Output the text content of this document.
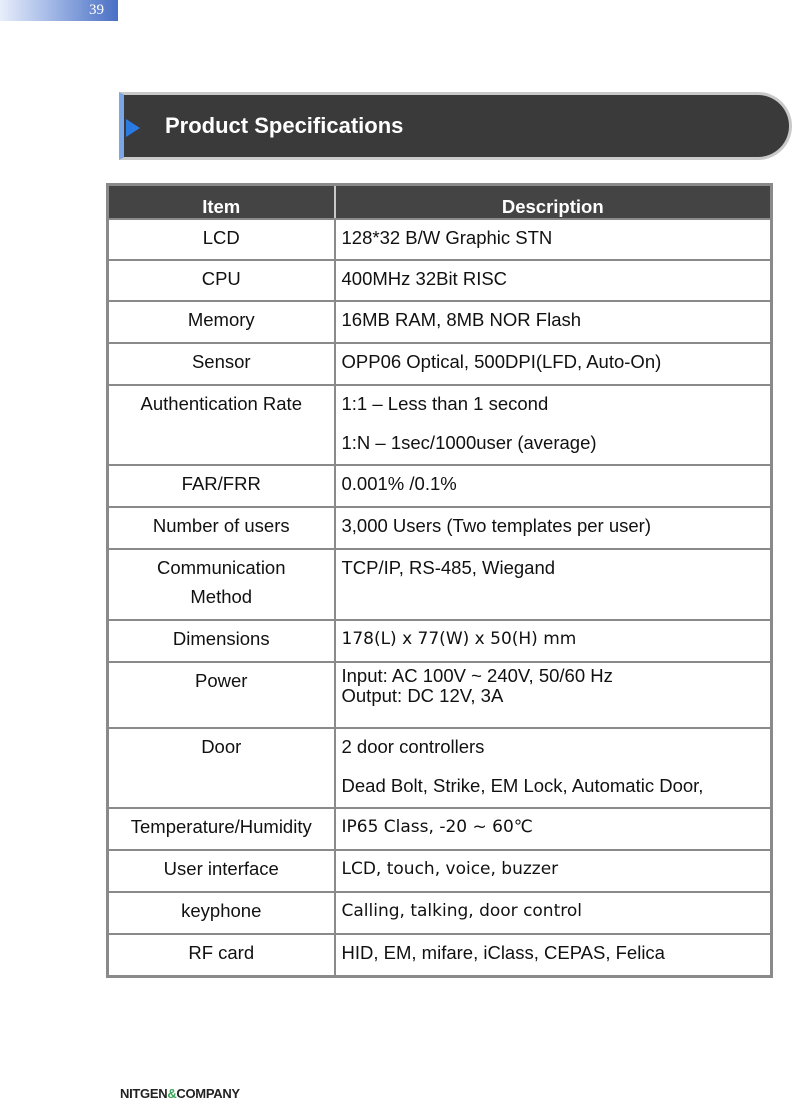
39
Product Specifications
Item	Description
LCD	128*32 B/W Graphic STN
CPU	400MHz 32Bit RISC
Memory	16MB RAM, 8MB NOR Flash
Sensor	OPP06 Optical, 500DPI(LFD, Auto-On)
Authentication Rate	1:1 – Less than 1 second
1:N – 1sec/1000user (average)

FAR/FRR	0.001% /0.1%
Number of users	3,000 Users (Two templates per user)

Communication
Method	TCP/IP, RS-485, Wiegand
Dimensions	178(L) x 77(W) x 50(H) mm
Power	Input: AC 100V ~ 240V, 50/60 Hz
Output: DC 12V, 3A

Door	2 door controllers
Dead Bolt, Strike, EM Lock, Automatic Door,

Temperature/Humidity	IP65 Class, -20 ~ 60℃
User interface	LCD, touch, voice, buzzer
keyphone	Calling, talking, door control
RF card	HID, EM, mifare, iClass, CEPAS, Felica
NITGEN&COMPANY
